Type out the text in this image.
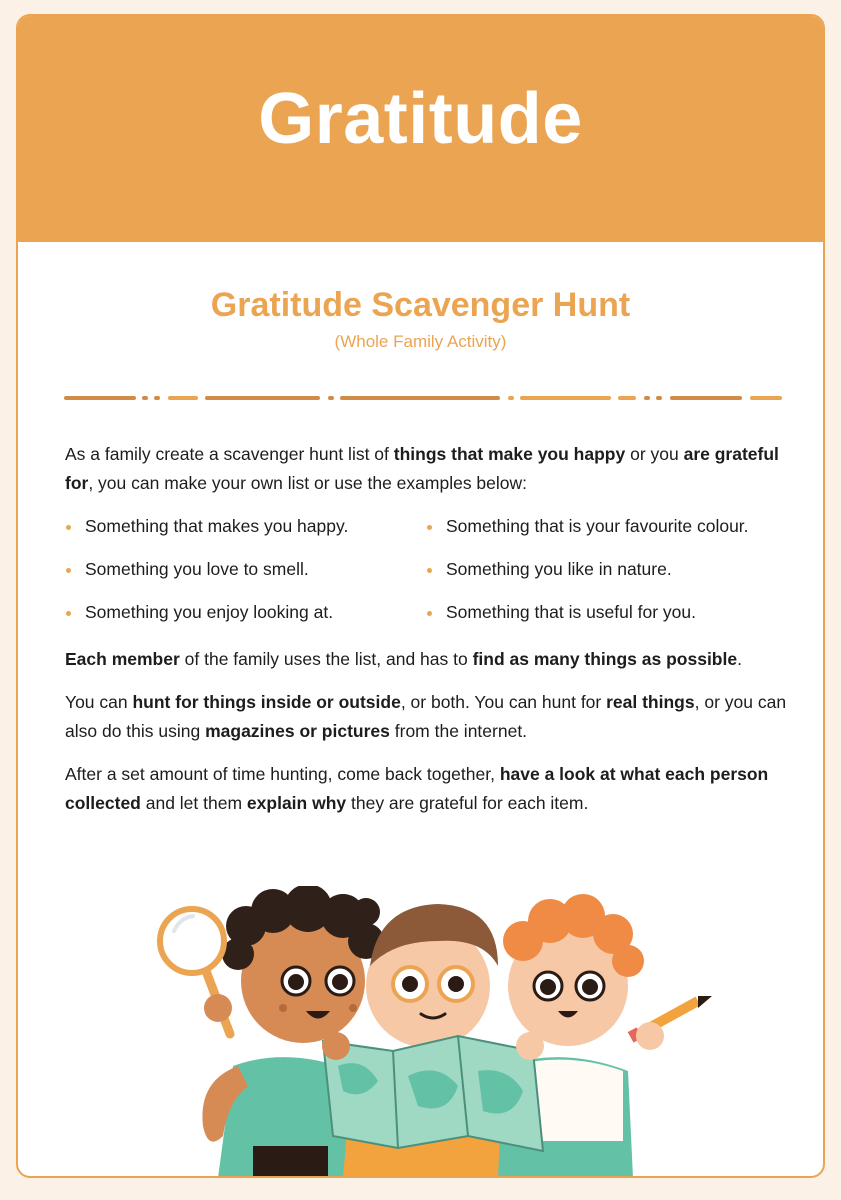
Gratitude
Gratitude Scavenger Hunt
(Whole Family Activity)

As a family create a scavenger hunt list of things that make you happy or you are grateful for, you can make your own list or use the examples below:

Something that makes you happy.	Something that is your favourite colour.
Something you love to smell.	Something you like in nature.
Something you enjoy looking at.	Something that is useful for you.

Each member of the family uses the list, and has to find as many things as possible.

You can hunt for things inside or outside, or both. You can hunt for real things, or you can also do this using magazines or pictures from the internet.

After a set amount of time hunting, come back together, have a look at what each person collected and let them explain why they are grateful for each item.
